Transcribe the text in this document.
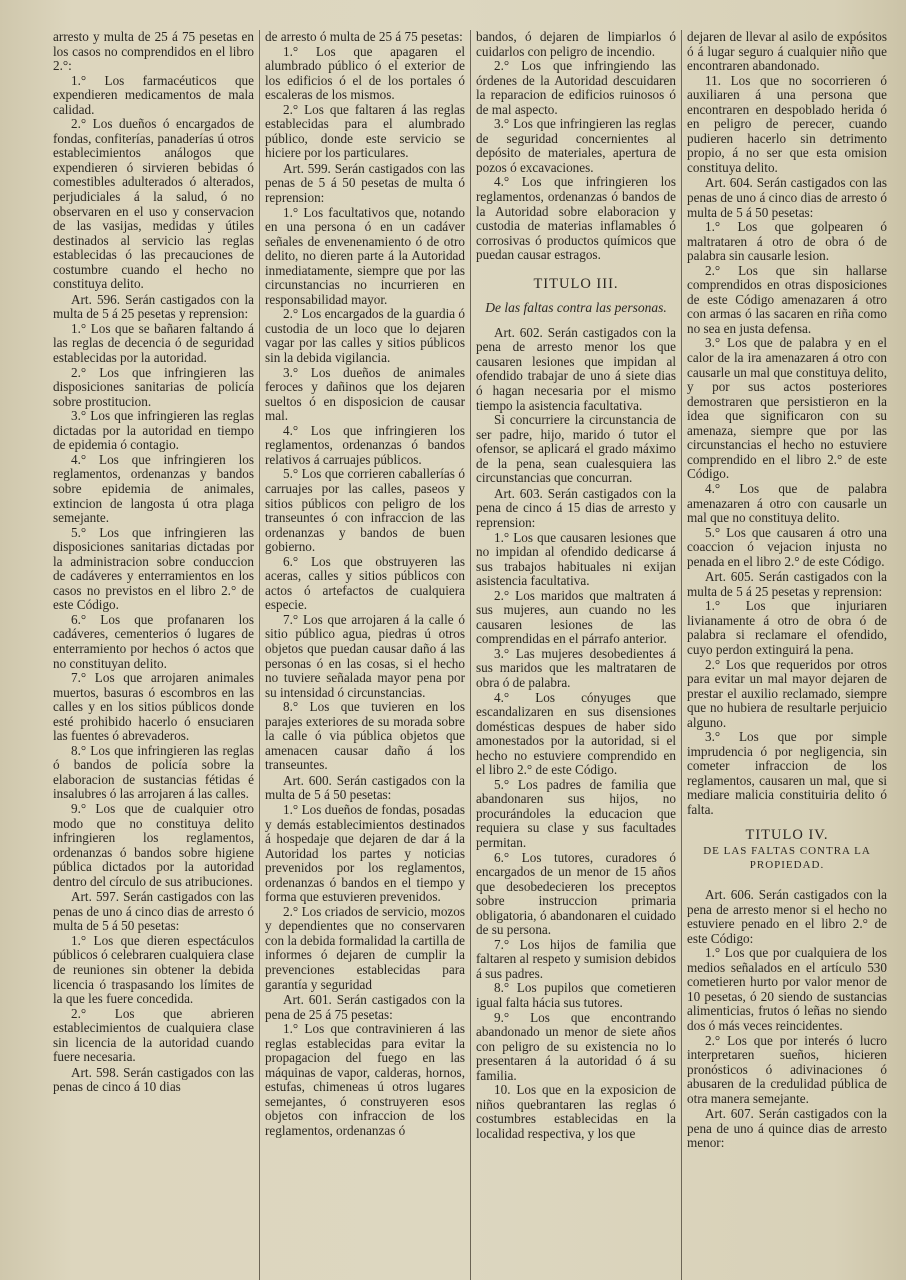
arresto y multa de 25 á 75 pesetas en los casos no comprendidos en el libro 2.°:

1.° Los farmacéuticos que expendieren medicamentos de mala calidad.

2.° Los dueños ó encargados de fondas, confiterías, panaderías ú otros establecimientos análogos que expendieren ó sirvieren bebidas ó comestibles adulterados ó alterados, perjudiciales á la salud, ó no observaren en el uso y conservacion de las vasijas, medidas y útiles destinados al servicio las reglas establecidas ó las precauciones de costumbre cuando el hecho no constituya delito.

Art. 596. Serán castigados con la multa de 5 á 25 pesetas y reprension:

1.° Los que se bañaren faltando á las reglas de decencia ó de seguridad establecidas por la autoridad.

2.° Los que infringieren las disposiciones sanitarias de policía sobre prostitucion.

3.° Los que infringieren las reglas dictadas por la autoridad en tiempo de epidemia ó contagio.

4.° Los que infringieren los reglamentos, ordenanzas y bandos sobre epidemia de animales, extincion de langosta ú otra plaga semejante.

5.° Los que infringieren las disposiciones sanitarias dictadas por la administracion sobre conduccion de cadáveres y enterramientos en los casos no previstos en el libro 2.° de este Código.

6.° Los que profanaren los cadáveres, cementerios ó lugares de enterramiento por hechos ó actos que no constituyan delito.

7.° Los que arrojaren animales muertos, basuras ó escombros en las calles y en los sitios públicos donde esté prohibido hacerlo ó ensuciaren las fuentes ó abrevaderos.

8.° Los que infringieren las reglas ó bandos de policía sobre la elaboracion de sustancias fétidas é insalubres ó las arrojaren á las calles.

9.° Los que de cualquier otro modo que no constituya delito infringieren los reglamentos, ordenanzas ó bandos sobre higiene pública dictados por la autoridad dentro del círculo de sus atribuciones.

Art. 597. Serán castigados con las penas de uno á cinco dias de arresto ó multa de 5 á 50 pesetas:

1.° Los que dieren espectáculos públicos ó celebraren cualquiera clase de reuniones sin obtener la debida licencia ó traspasando los límites de la que les fuere concedida.

2.° Los que abrieren establecimientos de cualquiera clase sin licencia de la autoridad cuando fuere necesaria.

Art. 598. Serán castigados con las penas de cinco á 10 dias

de arresto ó multa de 25 á 75 pesetas:

1.° Los que apagaren el alumbrado público ó el exterior de los edificios ó el de los portales ó escaleras de los mismos.

2.° Los que faltaren á las reglas establecidas para el alumbrado público, donde este servicio se hiciere por los particulares.

Art. 599. Serán castigados con las penas de 5 á 50 pesetas de multa ó reprension:

1.° Los facultativos que, notando en una persona ó en un cadáver señales de envenenamiento ó de otro delito, no dieren parte á la Autoridad inmediatamente, siempre que por las circunstancias no incurrieren en responsabilidad mayor.

2.° Los encargados de la guardia ó custodia de un loco que lo dejaren vagar por las calles y sitios públicos sin la debida vigilancia.

3.° Los dueños de animales feroces y dañinos que los dejaren sueltos ó en disposicion de causar mal.

4.° Los que infringieren los reglamentos, ordenanzas ó bandos relativos á carruajes públicos.

5.° Los que corrieren caballerías ó carruajes por las calles, paseos y sitios públicos con peligro de los transeuntes ó con infraccion de las ordenanzas y bandos de buen gobierno.

6.° Los que obstruyeren las aceras, calles y sitios públicos con actos ó artefactos de cualquiera especie.

7.° Los que arrojaren á la calle ó sitio público agua, piedras ú otros objetos que puedan causar daño á las personas ó en las cosas, si el hecho no tuviere señalada mayor pena por su intensidad ó circunstancias.

8.° Los que tuvieren en los parajes exteriores de su morada sobre la calle ó via pública objetos que amenacen causar daño á los transeuntes.

Art. 600. Serán castigados con la multa de 5 á 50 pesetas:

1.° Los dueños de fondas, posadas y demás establecimientos destinados á hospedaje que dejaren de dar á la Autoridad los partes y noticias prevenidos por los reglamentos, ordenanzas ó bandos en el tiempo y forma que estuvieren prevenidos.

2.° Los criados de servicio, mozos y dependientes que no conservaren con la debida formalidad la cartilla de informes ó dejaren de cumplir la prevenciones establecidas para garantía y seguridad

Art. 601. Serán castigados con la pena de 25 á 75 pesetas:

1.° Los que contravinieren á las reglas establecidas para evitar la propagacion del fuego en las máquinas de vapor, calderas, hornos, estufas, chimeneas ú otros lugares semejantes, ó construyeren esos objetos con infraccion de los reglamentos, ordenanzas ó

bandos, ó dejaren de limpiarlos ó cuidarlos con peligro de incendio.

2.° Los que infringiendo las órdenes de la Autoridad descuidaren la reparacion de edificios ruinosos ó de mal aspecto.

3.° Los que infringieren las reglas de seguridad concernientes al depósito de materiales, apertura de pozos ó excavaciones.

4.° Los que infringieren los reglamentos, ordenanzas ó bandos de la Autoridad sobre elaboracion y custodia de materias inflamables ó corrosivas ó productos químicos que puedan causar estragos.

TITULO III.
De las faltas contra las personas.

Art. 602. Serán castigados con la pena de arresto menor los que causaren lesiones que impidan al ofendido trabajar de uno á siete dias ó hagan necesaria por el mismo tiempo la asistencia facultativa.

Si concurriere la circunstancia de ser padre, hijo, marido ó tutor el ofensor, se aplicará el grado máximo de la pena, sean cualesquiera las circunstancias que concurran.

Art. 603. Serán castigados con la pena de cinco á 15 dias de arresto y reprension:

1.° Los que causaren lesiones que no impidan al ofendido dedicarse á sus trabajos habituales ni exijan asistencia facultativa.

2.° Los maridos que maltraten á sus mujeres, aun cuando no les causaren lesiones de las comprendidas en el párrafo anterior.

3.° Las mujeres desobedientes á sus maridos que les maltrataren de obra ó de palabra.

4.° Los cónyuges que escandalizaren en sus disensiones domésticas despues de haber sido amonestados por la autoridad, si el hecho no estuviere comprendido en el libro 2.° de este Código.

5.° Los padres de familia que abandonaren sus hijos, no procurándoles la educacion que requiera su clase y sus facultades permitan.

6.° Los tutores, curadores ó encargados de un menor de 15 años que desobedecieren los preceptos sobre instruccion primaria obligatoria, ó abandonaren el cuidado de su persona.

7.° Los hijos de familia que faltaren al respeto y sumision debidos á sus padres.

8.° Los pupilos que cometieren igual falta hácia sus tutores.

9.° Los que encontrando abandonado un menor de siete años con peligro de su existencia no lo presentaren á la autoridad ó á su familia.

10. Los que en la exposicion de niños quebrantaren las reglas ó costumbres establecidas en la localidad respectiva, y los que

dejaren de llevar al asilo de expósitos ó á lugar seguro á cualquier niño que encontraren abandonado.

11. Los que no socorrieren ó auxiliaren á una persona que encontraren en despoblado herida ó en peligro de perecer, cuando pudieren hacerlo sin detrimento propio, á no ser que esta omision constituya delito.

Art. 604. Serán castigados con las penas de uno á cinco dias de arresto ó multa de 5 á 50 pesetas:

1.° Los que golpearen ó maltrataren á otro de obra ó de palabra sin causarle lesion.

2.° Los que sin hallarse comprendidos en otras disposiciones de este Código amenazaren á otro con armas ó las sacaren en riña como no sea en justa defensa.

3.° Los que de palabra y en el calor de la ira amenazaren á otro con causarle un mal que constituya delito, y por sus actos posteriores demostraren que persistieron en la idea que significaron con su amenaza, siempre que por las circunstancias el hecho no estuviere comprendido en el libro 2.° de este Código.

4.° Los que de palabra amenazaren á otro con causarle un mal que no constituya delito.

5.° Los que causaren á otro una coaccion ó vejacion injusta no penada en el libro 2.° de este Código.

Art. 605. Serán castigados con la multa de 5 á 25 pesetas y reprension:

1.° Los que injuriaren livianamente á otro de obra ó de palabra si reclamare el ofendido, cuyo perdon extinguirá la pena.

2.° Los que requeridos por otros para evitar un mal mayor dejaren de prestar el auxilio reclamado, siempre que no hubiera de resultarle perjuicio alguno.

3.° Los que por simple imprudencia ó por negligencia, sin cometer infraccion de los reglamentos, causaren un mal, que si mediare malicia constituiria delito ó falta.

TITULO IV.
DE LAS FALTAS CONTRA LA PROPIEDAD.

Art. 606. Serán castigados con la pena de arresto menor si el hecho no estuviere penado en el libro 2.° de este Código:

1.° Los que por cualquiera de los medios señalados en el artículo 530 cometieren hurto por valor menor de 10 pesetas, ó 20 siendo de sustancias alimenticias, frutos ó leñas no siendo dos ó más veces reincidentes.

2.° Los que por interés ó lucro interpretaren sueños, hicieren pronósticos ó adivinaciones ó abusaren de la credulidad pública de otra manera semejante.

Art. 607. Serán castigados con la pena de uno á quince dias de arresto menor:
